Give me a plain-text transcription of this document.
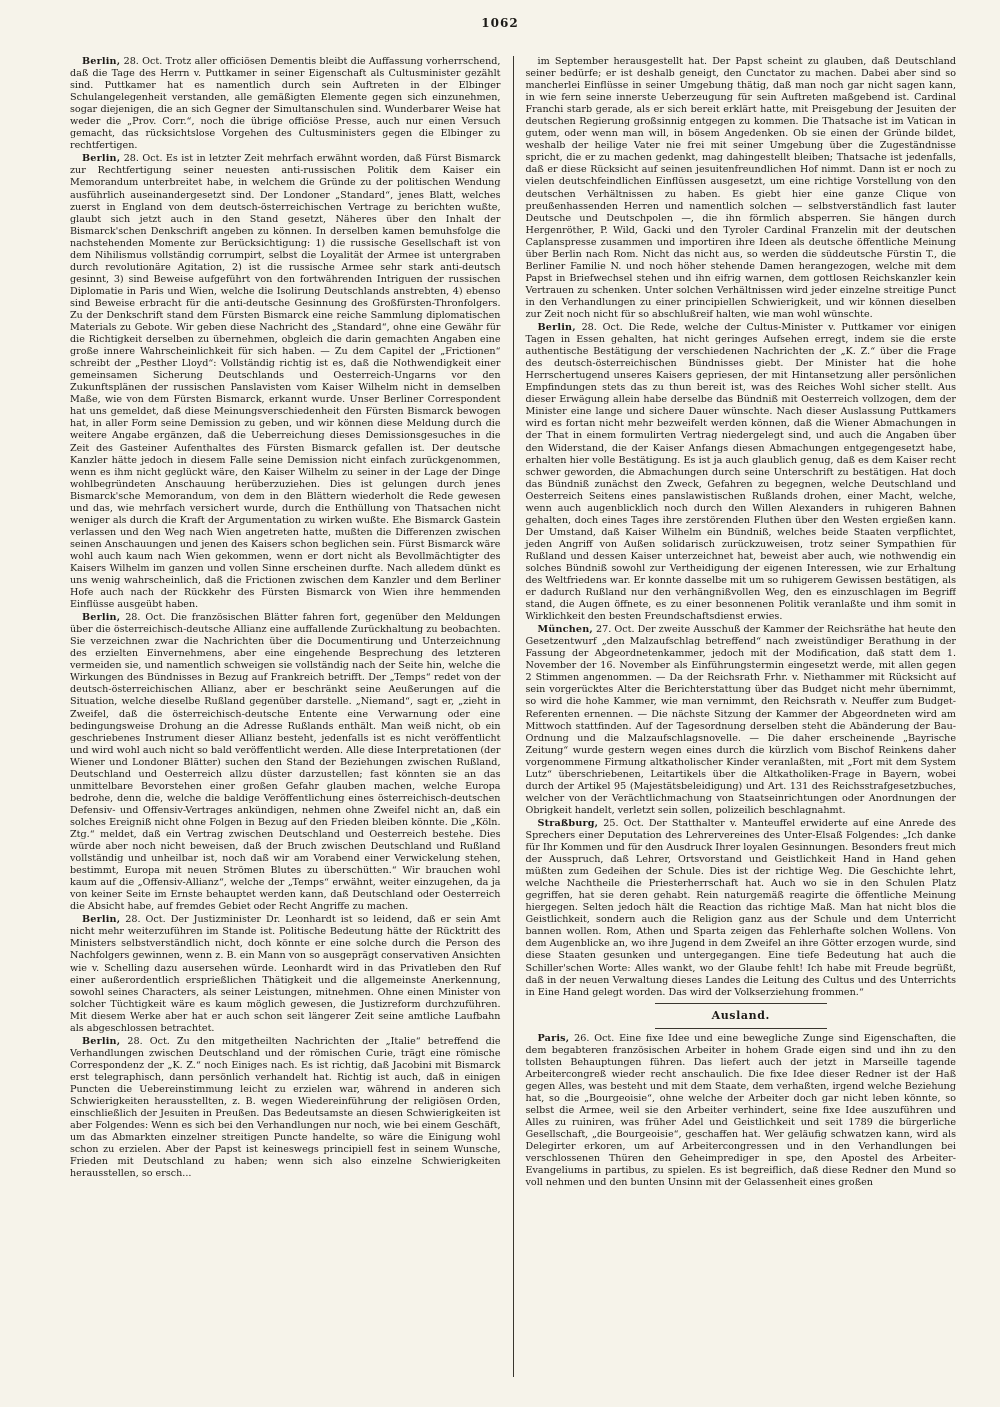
1062

Berlin, 28. Oct. Trotz aller officiösen Dementis bleibt die Auffassung vorherrschend, daß die Tage des Herrn v. Puttkamer in seiner Eigenschaft als Cultusminister gezählt sind. Puttkamer hat es namentlich durch sein Auftreten in der Elbinger Schulangelegenheit verstanden, alle gemäßigten Elemente gegen sich einzunehmen, sogar diejenigen, die an sich Gegner der Simultanschulen sind. Wunderbarer Weise hat weder die „Prov. Corr.“, noch die übrige officiöse Presse, auch nur einen Versuch gemacht, das rücksichtslose Vorgehen des Cultusministers gegen die Elbinger zu rechtfertigen.

Berlin, 28. Oct. Es ist in letzter Zeit mehrfach erwähnt worden, daß Fürst Bismarck zur Rechtfertigung seiner neuesten anti-russischen Politik dem Kaiser ein Memorandum unterbreitet habe, in welchem die Gründe zu der politischen Wendung ausführlich auseinandergesetzt sind. Der Londoner „Standard“, jenes Blatt, welches zuerst in England von dem deutsch-österreichischen Vertrage zu berichten wußte, glaubt sich jetzt auch in den Stand gesetzt, Näheres über den Inhalt der Bismarck'schen Denkschrift angeben zu können. In derselben kamen bemuhsfolge die nachstehenden Momente zur Berücksichtigung: 1) die russische Gesellschaft ist von dem Nihilismus vollständig corrumpirt, selbst die Loyalität der Armee ist untergraben durch revolutionäre Agitation, 2) ist die russische Armee sehr stark anti-deutsch gesinnt, 3) sind Beweise aufgeführt von den fortwährenden Intriguen der russischen Diplomatie in Paris und Wien, welche die Isolirung Deutschlands anstrebten, 4) ebenso sind Beweise erbracht für die anti-deutsche Gesinnung des Großfürsten-Thronfolgers. Zu der Denkschrift stand dem Fürsten Bismarck eine reiche Sammlung diplomatischen Materials zu Gebote. Wir geben diese Nachricht des „Standard“, ohne eine Gewähr für die Richtigkeit derselben zu übernehmen, obgleich die darin gemachten Angaben eine große innere Wahrscheinlichkeit für sich haben. — Zu dem Capitel der „Frictionen“ schreibt der „Pesther Lloyd“: Vollständig richtig ist es, daß die Nothwendigkeit einer gemeinsamen Sicherung Deutschlands und Oesterreich-Ungarns vor den Zukunftsplänen der russischen Panslavisten vom Kaiser Wilhelm nicht in demselben Maße, wie von dem Fürsten Bismarck, erkannt wurde. Unser Berliner Correspondent hat uns gemeldet, daß diese Meinungsverschiedenheit den Fürsten Bismarck bewogen hat, in aller Form seine Demission zu geben, und wir können diese Meldung durch die weitere Angabe ergänzen, daß die Ueberreichung dieses Demissionsgesuches in die Zeit des Gasteiner Aufenthaltes des Fürsten Bismarck gefallen ist. Der deutsche Kanzler hätte jedoch in diesem Falle seine Demission nicht einfach zurückgenommen, wenn es ihm nicht geglückt wäre, den Kaiser Wilhelm zu seiner in der Lage der Dinge wohlbegründeten Anschauung herüberzuziehen. Dies ist gelungen durch jenes Bismarck'sche Memorandum, von dem in den Blättern wiederholt die Rede gewesen und das, wie mehrfach versichert wurde, durch die Enthüllung von Thatsachen nicht weniger als durch die Kraft der Argumentation zu wirken wußte. Ehe Bismarck Gastein verlassen und den Weg nach Wien angetreten hatte, mußten die Differenzen zwischen seinen Anschauungen und jenen des Kaisers schon beglichen sein. Fürst Bismarck wäre wohl auch kaum nach Wien gekommen, wenn er dort nicht als Bevollmächtigter des Kaisers Wilhelm im ganzen und vollen Sinne erscheinen durfte. Nach alledem dünkt es uns wenig wahrscheinlich, daß die Frictionen zwischen dem Kanzler und dem Berliner Hofe auch nach der Rückkehr des Fürsten Bismarck von Wien ihre hemmenden Einflüsse ausgeübt haben.

Berlin, 28. Oct. Die französischen Blätter fahren fort, gegenüber den Meldungen über die österreichisch-deutsche Allianz eine auffallende Zurückhaltung zu beobachten. Sie verzeichnen zwar die Nachrichten über die Documentirung und Unterzeichnung des erzielten Einvernehmens, aber eine eingehende Besprechung des letzteren vermeiden sie, und namentlich schweigen sie vollständig nach der Seite hin, welche die Wirkungen des Bündnisses in Bezug auf Frankreich betrifft. Der „Temps“ redet von der deutsch-österreichischen Allianz, aber er beschränkt seine Aeußerungen auf die Situation, welche dieselbe Rußland gegenüber darstelle. „Niemand“, sagt er, „zieht in Zweifel, daß die österreichisch-deutsche Entente eine Verwarnung oder eine bedingungsweise Drohung an die Adresse Rußlands enthält. Man weiß nicht, ob ein geschriebenes Instrument dieser Allianz besteht, jedenfalls ist es nicht veröffentlicht und wird wohl auch nicht so bald veröffentlicht werden. Alle diese Interpretationen (der Wiener und Londoner Blätter) suchen den Stand der Beziehungen zwischen Rußland, Deutschland und Oesterreich allzu düster darzustellen; fast könnten sie an das unmittelbare Bevorstehen einer großen Gefahr glauben machen, welche Europa bedrohe, denn die, welche die baldige Veröffentlichung eines österreichisch-deutschen Defensiv- und Offensiv-Vertrages ankündigen, nehmen ohne Zweifel nicht an, daß ein solches Ereigniß nicht ohne Folgen in Bezug auf den Frieden bleiben könnte. Die „Köln. Ztg.“ meldet, daß ein Vertrag zwischen Deutschland und Oesterreich bestehe. Dies würde aber noch nicht beweisen, daß der Bruch zwischen Deutschland und Rußland vollständig und unheilbar ist, noch daß wir am Vorabend einer Verwickelung stehen, bestimmt, Europa mit neuen Strömen Blutes zu überschütten.“ Wir brauchen wohl kaum auf die „Offensiv-Allianz“, welche der „Temps“ erwähnt, weiter einzugehen, da ja von keiner Seite im Ernste behauptet werden kann, daß Deutschland oder Oesterreich die Absicht habe, auf fremdes Gebiet oder Recht Angriffe zu machen.

Berlin, 28. Oct. Der Justizminister Dr. Leonhardt ist so leidend, daß er sein Amt nicht mehr weiterzuführen im Stande ist. Politische Bedeutung hätte der Rücktritt des Ministers selbstverständlich nicht, doch könnte er eine solche durch die Person des Nachfolgers gewinnen, wenn z. B. ein Mann von so ausgeprägt conservativen Ansichten wie v. Schelling dazu ausersehen würde. Leonhardt wird in das Privatleben den Ruf einer außerordentlich ersprießlichen Thätigkeit und die allgemeinste Anerkennung, sowohl seines Characters, als seiner Leistungen, mitnehmen. Ohne einen Minister von solcher Tüchtigkeit wäre es kaum möglich gewesen, die Justizreform durchzuführen. Mit diesem Werke aber hat er auch schon seit längerer Zeit seine amtliche Laufbahn als abgeschlossen betrachtet.

Berlin, 28. Oct. Zu den mitgetheilten Nachrichten der „Italie“ betreffend die Verhandlungen zwischen Deutschland und der römischen Curie, trägt eine römische Correspondenz der „K. Z.“ noch Einiges nach. Es ist richtig, daß Jacobini mit Bismarck erst telegraphisch, dann persönlich verhandelt hat. Richtig ist auch, daß in einigen Puncten die Uebereinstimmung leicht zu erzielen war, während in anderen sich Schwierigkeiten herausstellten, z. B. wegen Wiedereinführung der religiösen Orden, einschließlich der Jesuiten in Preußen. Das Bedeutsamste an diesen Schwierigkeiten ist aber Folgendes: Wenn es sich bei den Verhandlungen nur noch, wie bei einem Geschäft, um das Abmarkten einzelner streitigen Puncte handelte, so wäre die Einigung wohl schon zu erzielen. Aber der Papst ist keineswegs principiell fest in seinem Wunsche, Frieden mit Deutschland zu haben; wenn sich also einzelne Schwierigkeiten herausstellen, so ersch...

im September herausgestellt hat. Der Papst scheint zu glauben, daß Deutschland seiner bedürfe; er ist deshalb geneigt, den Cunctator zu machen. Dabei aber sind so mancherlei Einflüsse in seiner Umgebung thätig, daß man noch gar nicht sagen kann, in wie fern seine innerste Ueberzeugung für sein Auftreten maßgebend ist. Cardinal Franchi starb gerade, als er sich bereit erklärt hatte, mit Preisgebung der Jesuiten der deutschen Regierung großsinnig entgegen zu kommen. Die Thatsache ist im Vatican in gutem, oder wenn man will, in bösem Angedenken. Ob sie einen der Gründe bildet, weshalb der heilige Vater nie frei mit seiner Umgebung über die Zugeständnisse spricht, die er zu machen gedenkt, mag dahingestellt bleiben; Thatsache ist jedenfalls, daß er diese Rücksicht auf seinen jesuitenfreundlichen Hof nimmt. Dann ist er noch zu vielen deutschfeindlichen Einflüssen ausgesetzt, um eine richtige Vorstellung von den deutschen Verhältnissen zu haben. Es giebt hier eine ganze Clique von preußenhassenden Herren und namentlich solchen — selbstverständlich fast lauter Deutsche und Deutschpolen —, die ihn förmlich absperren. Sie hängen durch Hergenröther, P. Wild, Gacki und den Tyroler Cardinal Franzelin mit der deutschen Caplanspresse zusammen und importiren ihre Ideen als deutsche öffentliche Meinung über Berlin nach Rom. Nicht das nicht aus, so werden die süddeutsche Fürstin T., die Berliner Familie N. und noch höher stehende Damen herangezogen, welche mit dem Papst in Briefwechsel stehen und ihn eifrig warnen, dem gottlosen Reichskanzler kein Vertrauen zu schenken. Unter solchen Verhältnissen wird jeder einzelne streitige Punct in den Verhandlungen zu einer principiellen Schwierigkeit, und wir können dieselben zur Zeit noch nicht für so abschlußreif halten, wie man wohl wünschte.

Berlin, 28. Oct. Die Rede, welche der Cultus-Minister v. Puttkamer vor einigen Tagen in Essen gehalten, hat nicht geringes Aufsehen erregt, indem sie die erste authentische Bestätigung der verschiedenen Nachrichten der „K. Z.“ über die Frage des deutsch-österreichischen Bündnisses giebt. Der Minister hat die hohe Herrschertugend unseres Kaisers gepriesen, der mit Hintansetzung aller persönlichen Empfindungen stets das zu thun bereit ist, was des Reiches Wohl sicher stellt. Aus dieser Erwägung allein habe derselbe das Bündniß mit Oesterreich vollzogen, dem der Minister eine lange und sichere Dauer wünschte. Nach dieser Auslassung Puttkamers wird es fortan nicht mehr bezweifelt werden können, daß die Wiener Abmachungen in der That in einem formulirten Vertrag niedergelegt sind, und auch die Angaben über den Widerstand, die der Kaiser Anfangs diesen Abmachungen entgegengesetzt habe, erhalten hier volle Bestätigung. Es ist ja auch glaublich genug, daß es dem Kaiser recht schwer geworden, die Abmachungen durch seine Unterschrift zu bestätigen. Hat doch das Bündniß zunächst den Zweck, Gefahren zu begegnen, welche Deutschland und Oesterreich Seitens eines panslawistischen Rußlands drohen, einer Macht, welche, wenn auch augenblicklich noch durch den Willen Alexanders in ruhigeren Bahnen gehalten, doch eines Tages ihre zerstörenden Fluthen über den Westen ergießen kann. Der Umstand, daß Kaiser Wilhelm ein Bündniß, welches beide Staaten verpflichtet, jeden Angriff von Außen solidarisch zurückzuweisen, trotz seiner Sympathien für Rußland und dessen Kaiser unterzeichnet hat, beweist aber auch, wie nothwendig ein solches Bündniß sowohl zur Vertheidigung der eigenen Interessen, wie zur Erhaltung des Weltfriedens war. Er konnte dasselbe mit um so ruhigerem Gewissen bestätigen, als er dadurch Rußland nur den verhängnißvollen Weg, den es einzuschlagen im Begriff stand, die Augen öffnete, es zu einer besonnenen Politik veranlaßte und ihm somit in Wirklichkeit den besten Freundschaftsdienst erwies.

München, 27. Oct. Der zweite Ausschuß der Kammer der Reichsräthe hat heute den Gesetzentwurf „den Malzaufschlag betreffend“ nach zweistündiger Berathung in der Fassung der Abgeordnetenkammer, jedoch mit der Modification, daß statt dem 1. November der 16. November als Einführungstermin eingesetzt werde, mit allen gegen 2 Stimmen angenommen. — Da der Reichsrath Frhr. v. Niethammer mit Rücksicht auf sein vorgerücktes Alter die Berichterstattung über das Budget nicht mehr übernimmt, so wird die hohe Kammer, wie man vernimmt, den Reichsrath v. Neuffer zum Budget-Referenten ernennen. — Die nächste Sitzung der Kammer der Abgeordneten wird am Mittwoch stattfinden. Auf der Tagesordnung derselben steht die Abänderung der Bau-Ordnung und die Malzaufschlagsnovelle. — Die daher erscheinende „Bayrische Zeitung“ wurde gestern wegen eines durch die kürzlich vom Bischof Reinkens daher vorgenommene Firmung altkatholischer Kinder veranlaßten, mit „Fort mit dem System Lutz“ überschriebenen, Leitartikels über die Altkatholiken-Frage in Bayern, wobei durch der Artikel 95 (Majestätsbeleidigung) und Art. 131 des Reichsstrafgesetzbuches, welcher von der Verächtlichmachung von Staatseinrichtungen oder Anordnungen der Obrigkeit handelt, verletzt sein sollen, polizeilich beschlagnahmt.

Straßburg, 25. Oct. Der Statthalter v. Manteuffel erwiderte auf eine Anrede des Sprechers einer Deputation des Lehrervereines des Unter-Elsaß Folgendes: „Ich danke für Ihr Kommen und für den Ausdruck Ihrer loyalen Gesinnungen. Besonders freut mich der Ausspruch, daß Lehrer, Ortsvorstand und Geistlichkeit Hand in Hand gehen müßten zum Gedeihen der Schule. Dies ist der richtige Weg. Die Geschichte lehrt, welche Nachtheile die Priesterherrschaft hat. Auch wo sie in den Schulen Platz gegriffen, hat sie deren gehabt. Rein naturgemäß reagirte die öffentliche Meinung hiergegen. Selten jedoch hält die Reaction das richtige Maß. Man hat nicht blos die Geistlichkeit, sondern auch die Religion ganz aus der Schule und dem Unterricht bannen wollen. Rom, Athen und Sparta zeigen das Fehlerhafte solchen Wollens. Von dem Augenblicke an, wo ihre Jugend in dem Zweifel an ihre Götter erzogen wurde, sind diese Staaten gesunken und untergegangen. Eine tiefe Bedeutung hat auch die Schiller'schen Worte: Alles wankt, wo der Glaube fehlt! Ich habe mit Freude begrüßt, daß in der neuen Verwaltung dieses Landes die Leitung des Cultus und des Unterrichts in Eine Hand gelegt worden. Das wird der Volkserziehung frommen.“

Ausland.

Paris, 26. Oct. Eine fixe Idee und eine bewegliche Zunge sind Eigenschaften, die dem begabteren französischen Arbeiter in hohem Grade eigen sind und ihn zu den tollsten Behauptungen führen. Das liefert auch der jetzt in Marseille tagende Arbeitercongreß wieder recht anschaulich. Die fixe Idee dieser Redner ist der Haß gegen Alles, was besteht und mit dem Staate, dem verhaßten, irgend welche Beziehung hat, so die „Bourgeoisie“, ohne welche der Arbeiter doch gar nicht leben könnte, so selbst die Armee, weil sie den Arbeiter verhindert, seine fixe Idee auszuführen und Alles zu ruiniren, was früher Adel und Geistlichkeit und seit 1789 die bürgerliche Gesellschaft, „die Bourgeoisie“, geschaffen hat. Wer geläufig schwatzen kann, wird als Delegirter erkoren, um auf Arbeitercongressen und in den Verhandlungen bei verschlossenen Thüren den Geheimprediger in spe, den Apostel des Arbeiter-Evangeliums in partibus, zu spielen. Es ist begreiflich, daß diese Redner den Mund so voll nehmen und den bunten Unsinn mit der Gelassenheit eines großen
